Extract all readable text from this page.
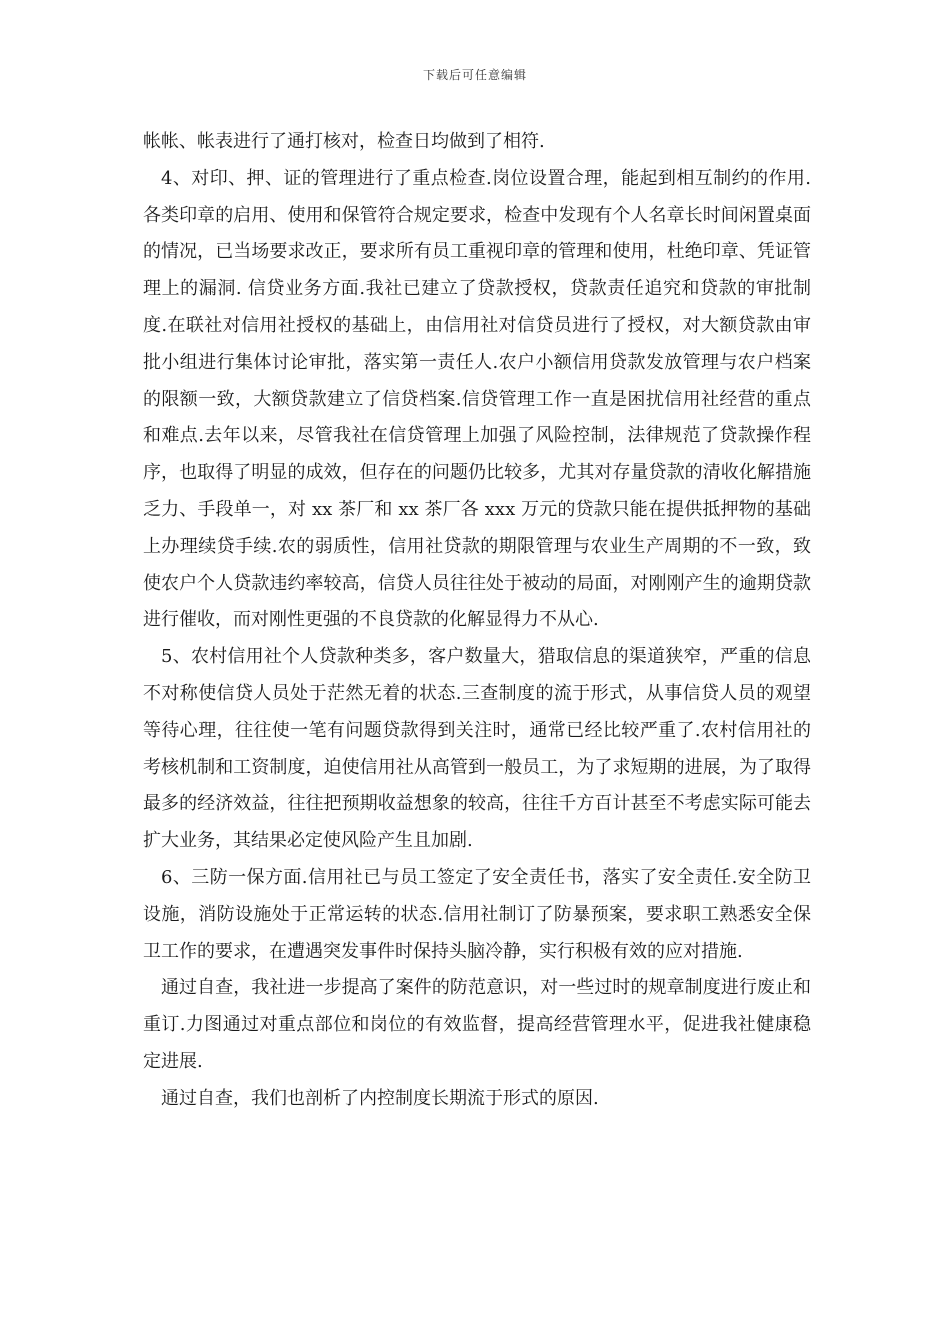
下载后可任意编辑

帐帐、帐表进行了通打核对，检查日均做到了相符.

4、对印、押、证的管理进行了重点检查.岗位设置合理，能起到相互制约的作用.各类印章的启用、使用和保管符合规定要求，检查中发现有个人名章长时间闲置桌面的情况，已当场要求改正，要求所有员工重视印章的管理和使用，杜绝印章、凭证管理上的漏洞. 信贷业务方面.我社已建立了贷款授权，贷款责任追究和贷款的审批制度.在联社对信用社授权的基础上，由信用社对信贷员进行了授权，对大额贷款由审批小组进行集体讨论审批，落实第一责任人.农户小额信用贷款发放管理与农户档案的限额一致，大额贷款建立了信贷档案.信贷管理工作一直是困扰信用社经营的重点和难点.去年以来，尽管我社在信贷管理上加强了风险控制，法律规范了贷款操作程序，也取得了明显的成效，但存在的问题仍比较多，尤其对存量贷款的清收化解措施乏力、手段单一，对 xx 茶厂和 xx 茶厂各 xxx 万元的贷款只能在提供抵押物的基础上办理续贷手续.农的弱质性，信用社贷款的期限管理与农业生产周期的不一致，致使农户个人贷款违约率较高，信贷人员往往处于被动的局面，对刚刚产生的逾期贷款进行催收，而对刚性更强的不良贷款的化解显得力不从心.

5、农村信用社个人贷款种类多，客户数量大，猎取信息的渠道狭窄，严重的信息不对称使信贷人员处于茫然无着的状态.三查制度的流于形式，从事信贷人员的观望等待心理，往往使一笔有问题贷款得到关注时，通常已经比较严重了.农村信用社的考核机制和工资制度，迫使信用社从高管到一般员工，为了求短期的进展，为了取得最多的经济效益，往往把预期收益想象的较高，往往千方百计甚至不考虑实际可能去扩大业务，其结果必定使风险产生且加剧.

6、三防一保方面.信用社已与员工签定了安全责任书，落实了安全责任.安全防卫设施，消防设施处于正常运转的状态.信用社制订了防暴预案，要求职工熟悉安全保卫工作的要求，在遭遇突发事件时保持头脑冷静，实行积极有效的应对措施.

通过自查，我社进一步提高了案件的防范意识，对一些过时的规章制度进行废止和重订.力图通过对重点部位和岗位的有效监督，提高经营管理水平，促进我社健康稳定进展.

通过自查，我们也剖析了内控制度长期流于形式的原因.
